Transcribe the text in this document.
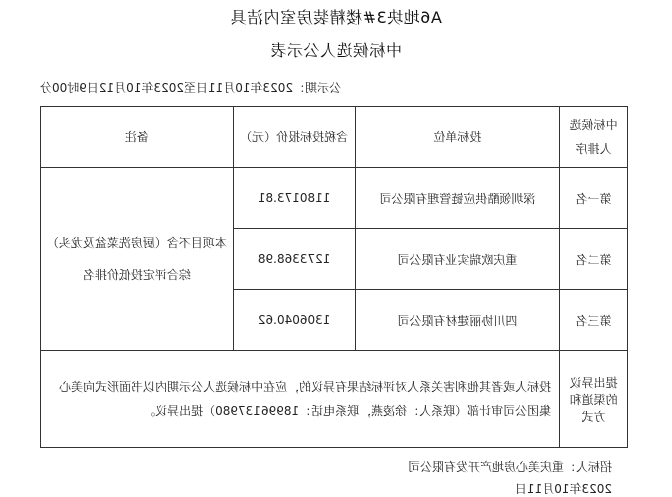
A6地块3#楼精装房室内洁具
中标候选人公示表
公示期：2023年10月11日至2023年10月12日9时00分
中标候选人排序	投标单位	含税投标报价（元）	备注
第一名	深圳领酷供应链管理有限公司	1180173.81	本项目不含（厨房洗菜盆及龙头）综合评定投低价排名
第二名	重庆欧瑞实业有限公司	1273368.98	
第三名	四川协丽建材有限公司	1306040.62	
提出异议的渠道和方式	投标人或者其他利害关系人对评标结果有异议的，应在中标候选人公示期内以书面形式向美心集团公司审计部（联系人：徐凌燕，联系电话：18996137980）提出异议。		
招标人：重庆美心房地产开发有限公司
2023年10月11日
